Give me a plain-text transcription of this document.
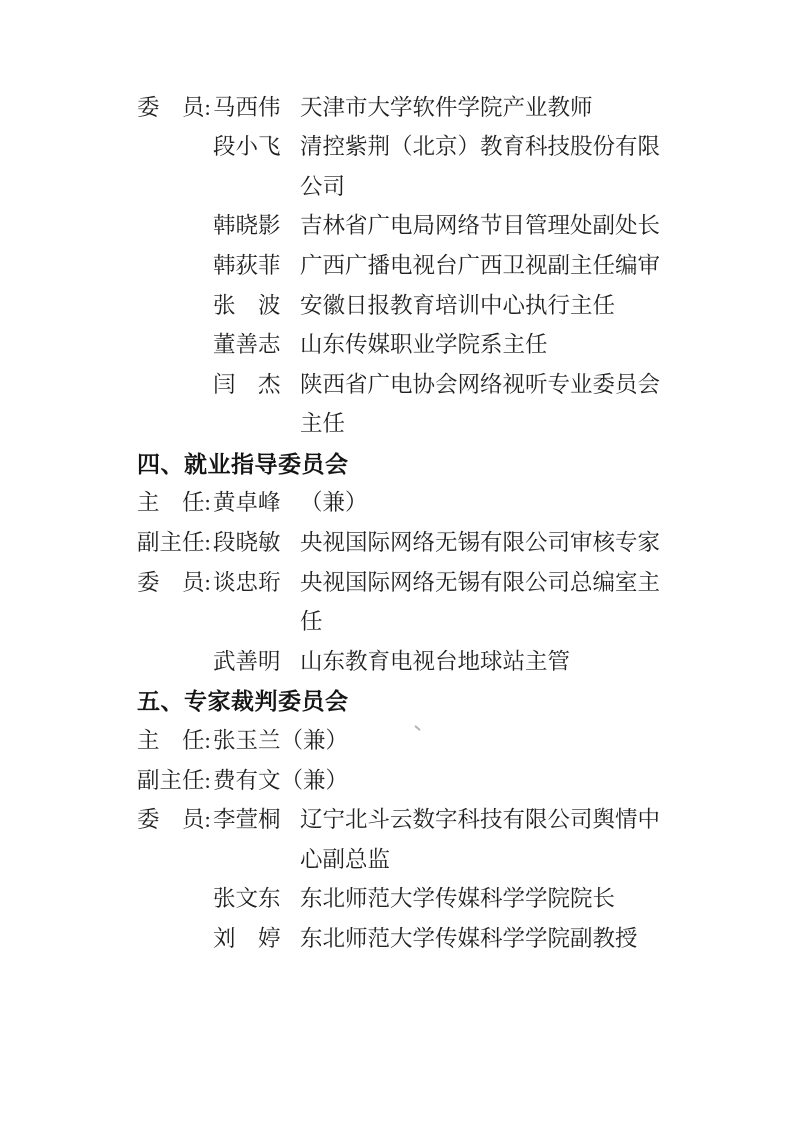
委　员: 马西伟 天津市大学软件学院产业教师
段小飞 清控紫荆（北京）教育科技股份有限
公司
韩晓影 吉林省广电局网络节目管理处副处长
韩荻菲 广西广播电视台广西卫视副主任编审
张　波 安徽日报教育培训中心执行主任
董善志 山东传媒职业学院系主任
闫　杰 陕西省广电协会网络视听专业委员会
主任
四、就业指导委员会
主　任: 黄卓峰 （兼）
副主任: 段晓敏 央视国际网络无锡有限公司审核专家
委　员: 谈忠珩 央视国际网络无锡有限公司总编室主
任
武善明 山东教育电视台地球站主管
五、专家裁判委员会
主　任: 张玉兰 （兼）
副主任: 费有文 （兼）
委　员: 李萱桐 辽宁北斗云数字科技有限公司舆情中
心副总监
张文东 东北师范大学传媒科学学院院长
刘　婷 东北师范大学传媒科学学院副教授
